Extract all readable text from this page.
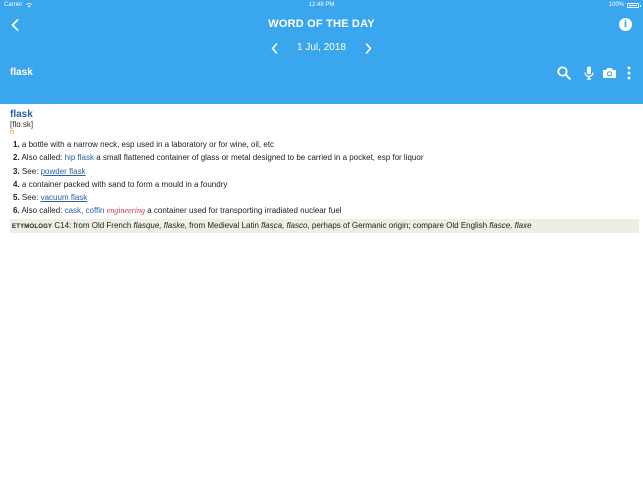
Carrier	12:48 PM	100%
WORD OF THE DAY	i
1 Jul, 2018
flask
flask
[flɑːsk]
n
1. a bottle with a narrow neck, esp used in a laboratory or for wine, oil, etc
2. Also called: hip flask a small flattened container of glass or metal designed to be carried in a pocket, esp for liquor
3. See: powder flask
4. a container packed with sand to form a mould in a foundry
5. See: vacuum flask
6. Also called: cask, coffin engineering a container used for transporting irradiated nuclear fuel
ETYMOLOGY C14: from Old French flasque, flaske, from Medieval Latin flasca, flasco, perhaps of Germanic origin; compare Old English flasce, flaxe
